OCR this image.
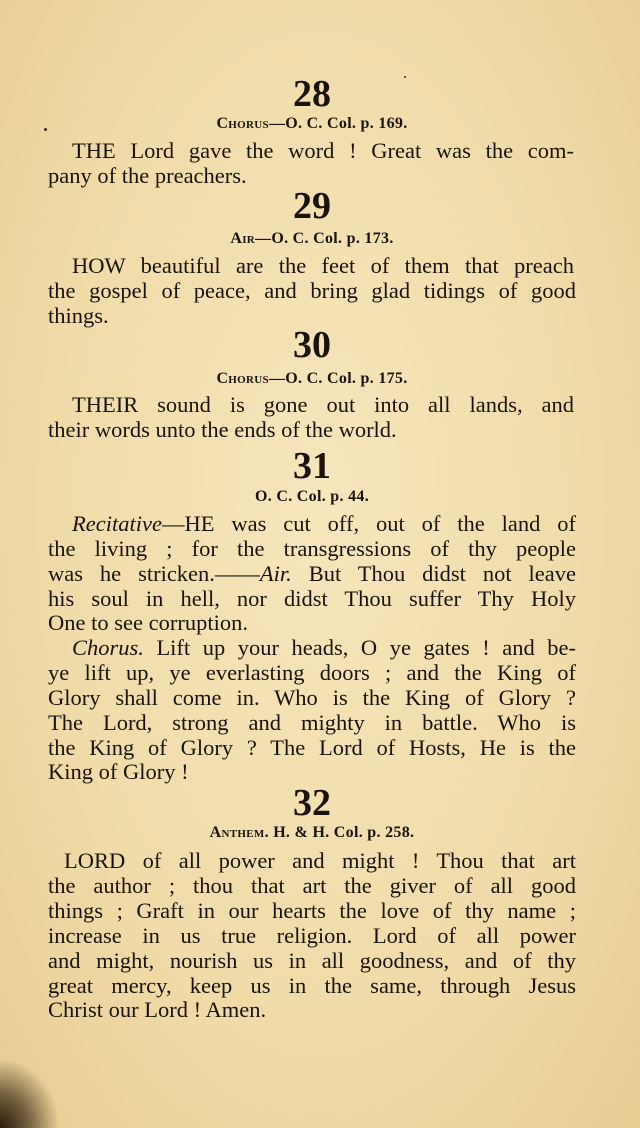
28
Chorus—O. C. Col. p. 169.
THE Lord gave the word ! Great was the com-
pany of the preachers.
29
Air—O. C. Col. p. 173.
HOW beautiful are the feet of them that preach
the gospel of peace, and bring glad tidings of good
things.
30
Chorus—O. C. Col. p. 175.
THEIR sound is gone out into all lands, and
their words unto the ends of the world.
31
O. C. Col. p. 44.
Recitative—HE was cut off, out of the land of
the living ; for the transgressions of thy people
was he stricken.——Air. But Thou didst not leave
his soul in hell, nor didst Thou suffer Thy Holy
One to see corruption.
Chorus. Lift up your heads, O ye gates ! and be-
ye lift up, ye everlasting doors ; and the King of
Glory shall come in. Who is the King of Glory ?
The Lord, strong and mighty in battle. Who is
the King of Glory ? The Lord of Hosts, He is the
King of Glory !
32
Anthem. H. & H. Col. p. 258.
LORD of all power and might ! Thou that art
the author ; thou that art the giver of all good
things ; Graft in our hearts the love of thy name ;
increase in us true religion. Lord of all power
and might, nourish us in all goodness, and of thy
great mercy, keep us in the same, through Jesus
Christ our Lord ! Amen.
